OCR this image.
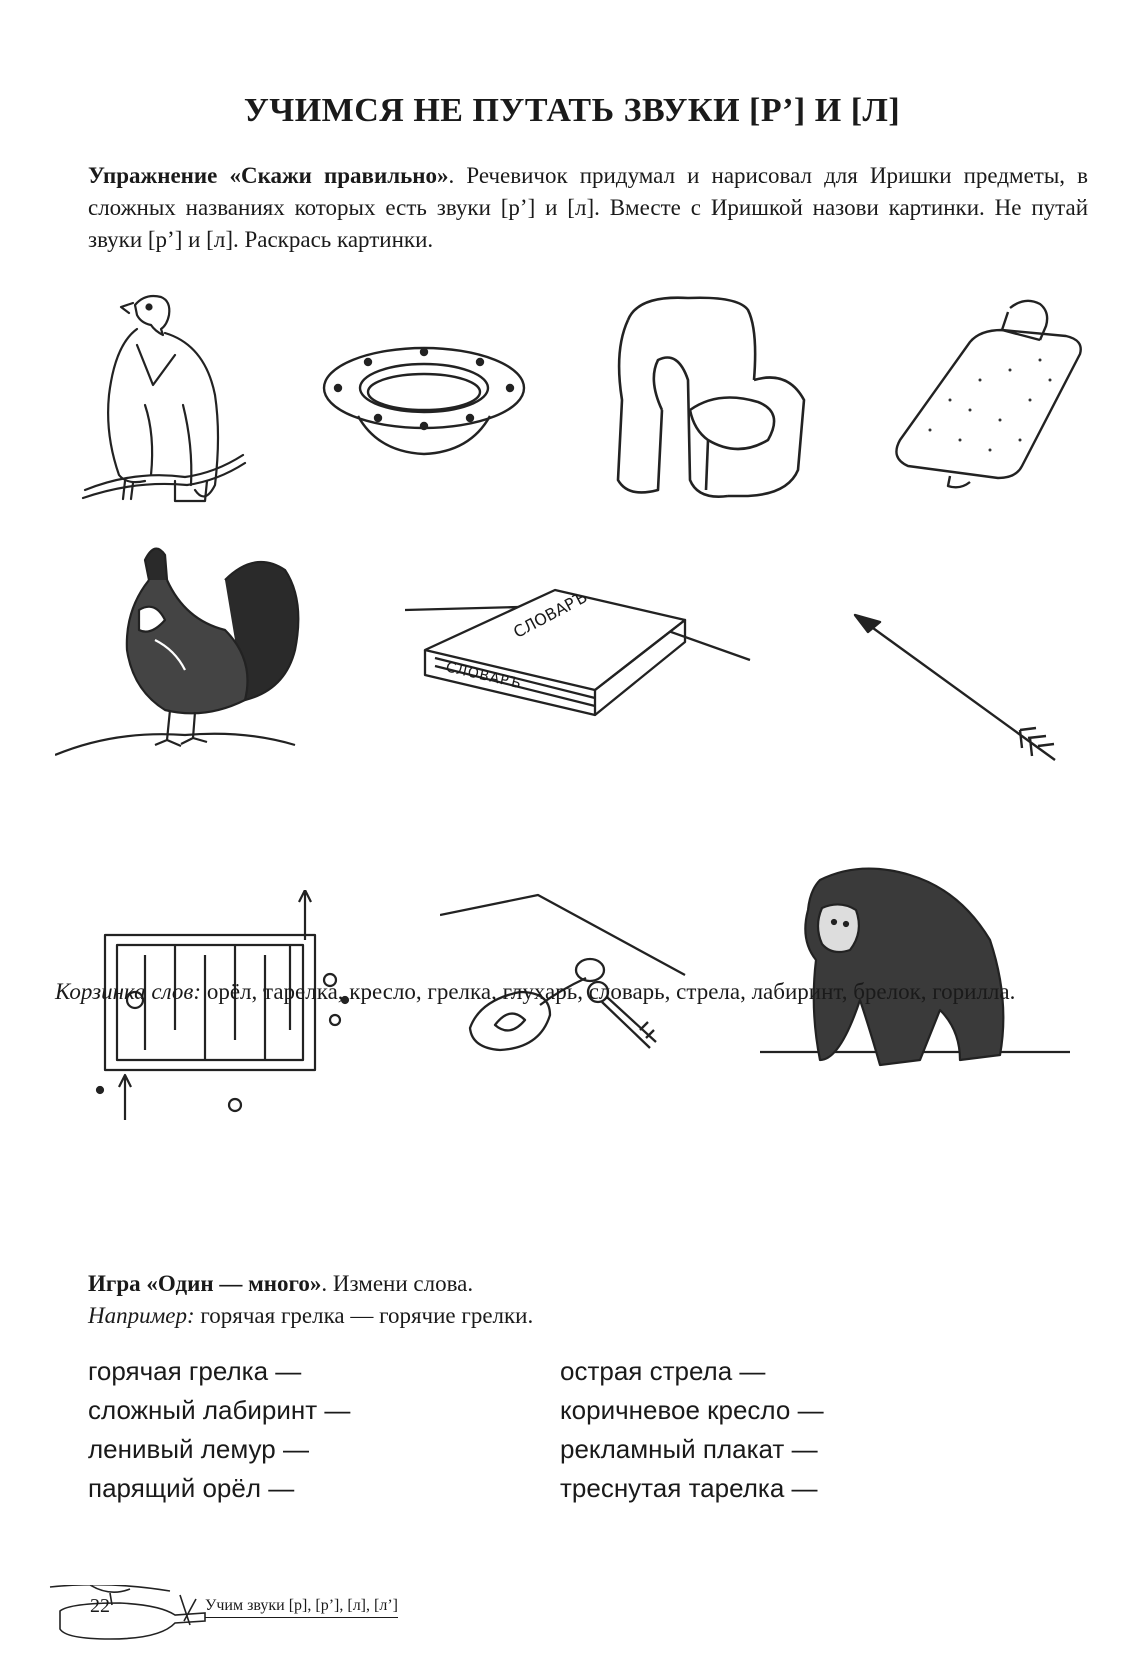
УЧИМСЯ НЕ ПУТАТЬ ЗВУКИ [Р’] И [Л]
Упражнение «Скажи правильно». Речевичок придумал и нарисовал для Иришки предметы, в сложных названиях которых есть звуки [р’] и [л]. Вместе с Иришкой назови картинки. Не путай звуки [р’] и [л]. Раскрась картинки.
СЛОВАРЪ
СЛОВАРЪ
Корзинка слов: орёл, тарелка, кресло, грелка, глухарь, словарь, стрела, лабиринт, брелок, горилла.
Игра «Один — много». Измени слова.
Например: горячая грелка — горячие грелки.
горячая грелка —
сложный лабиринт —
ленивый лемур —
парящий орёл —
острая стрела —
коричневое кресло —
рекламный плакат —
треснутая тарелка —
22	Учим звуки [р], [р’], [л], [л’]
